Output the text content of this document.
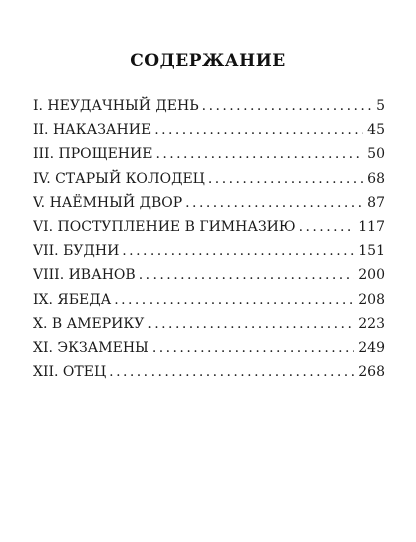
СОДЕРЖАНИЕ
I. НЕУДАЧНЫЙ ДЕНЬ . . .	5
II. НАКАЗАНИЕ . . .	45
III. ПРОЩЕНИЕ . . .	50
IV. СТАРЫЙ КОЛОДЕЦ . . .	68
V. НАЁМНЫЙ ДВОР . . .	87
VI. ПОСТУПЛЕНИЕ В ГИМНАЗИЮ . . .	117
VII. БУДНИ . . .	151
VIII. ИВАНОВ . . .	200
IX. ЯБЕДА . . .	208
X. В АМЕРИКУ . . .	223
XI. ЭКЗАМЕНЫ . . .	249
XII. ОТЕЦ . . .	268
